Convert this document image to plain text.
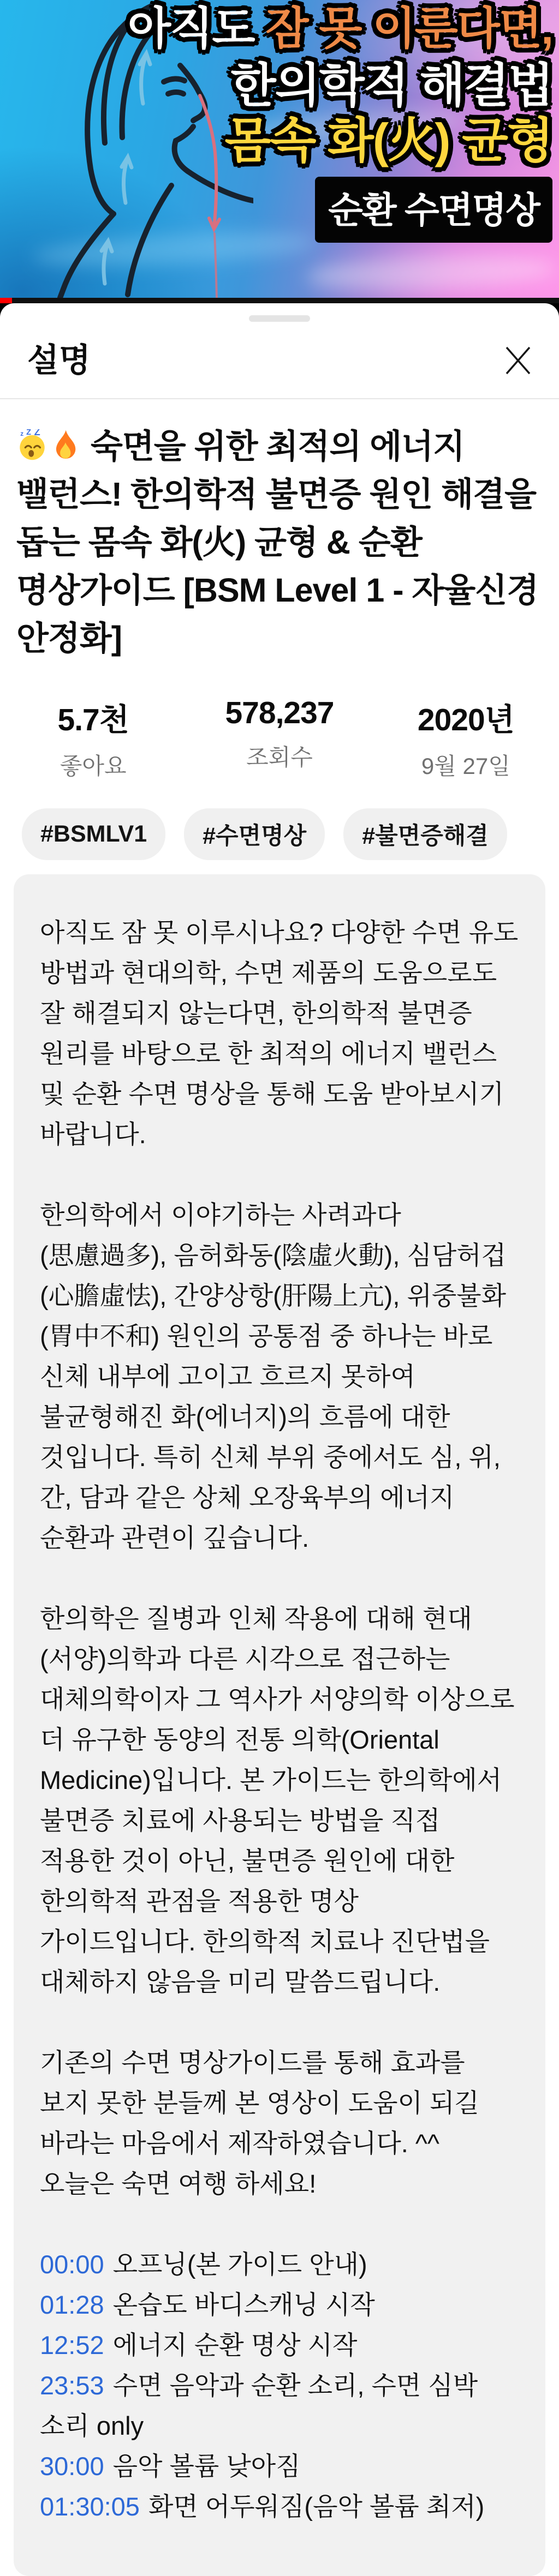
아직도 잠 못 이룬다면,
한의학적 해결법
몸속 화(火) 균형
순환 수면명상
설명
z Z Z 숙면을 위한 최적의 에너지 밸런스! 한의학적 불면증 원인 해결을 돕는 몸속 화(火) 균형 & 순환 명상가이드 [BSM Level 1 - 자율신경 안정화]
5.7천
좋아요
578,237
조회수
2020년
9월 27일
#BSMLV1	#수면명상	#불면증해결

아직도 잠 못 이루시나요? 다양한 수면 유도 방법과 현대의학, 수면 제품의 도움으로도 잘 해결되지 않는다면, 한의학적 불면증 원리를 바탕으로 한 최적의 에너지 밸런스 및 순환 수면 명상을 통해 도움 받아보시기 바랍니다.

한의학에서 이야기하는 사려과다(思慮過多), 음허화동(陰虛火動), 심담허겁(心膽虛怯), 간양상항(肝陽上亢), 위중불화(胃中不和) 원인의 공통점 중 하나는 바로 신체 내부에 고이고 흐르지 못하여 불균형해진 화(에너지)의 흐름에 대한 것입니다. 특히 신체 부위 중에서도 심, 위, 간, 담과 같은 상체 오장육부의 에너지 순환과 관련이 깊습니다.

한의학은 질병과 인체 작용에 대해 현대(서양)의학과 다른 시각으로 접근하는 대체의학이자 그 역사가 서양의학 이상으로 더 유구한 동양의 전통 의학(Oriental Medicine)입니다. 본 가이드는 한의학에서 불면증 치료에 사용되는 방법을 직접 적용한 것이 아닌, 불면증 원인에 대한 한의학적 관점을 적용한 명상 가이드입니다. 한의학적 치료나 진단법을 대체하지 않음을 미리 말씀드립니다.

기존의 수면 명상가이드를 통해 효과를 보지 못한 분들께 본 영상이 도움이 되길 바라는 마음에서 제작하였습니다. ^^

오늘은 숙면 여행 하세요!

00:00 오프닝(본 가이드 안내)

01:28 온습도 바디스캐닝 시작

12:52 에너지 순환 명상 시작

23:53 수면 음악과 순환 소리, 수면 심박 소리 only

30:00 음악 볼륨 낮아짐

01:30:05 화면 어두워짐(음악 볼륨 최저)
